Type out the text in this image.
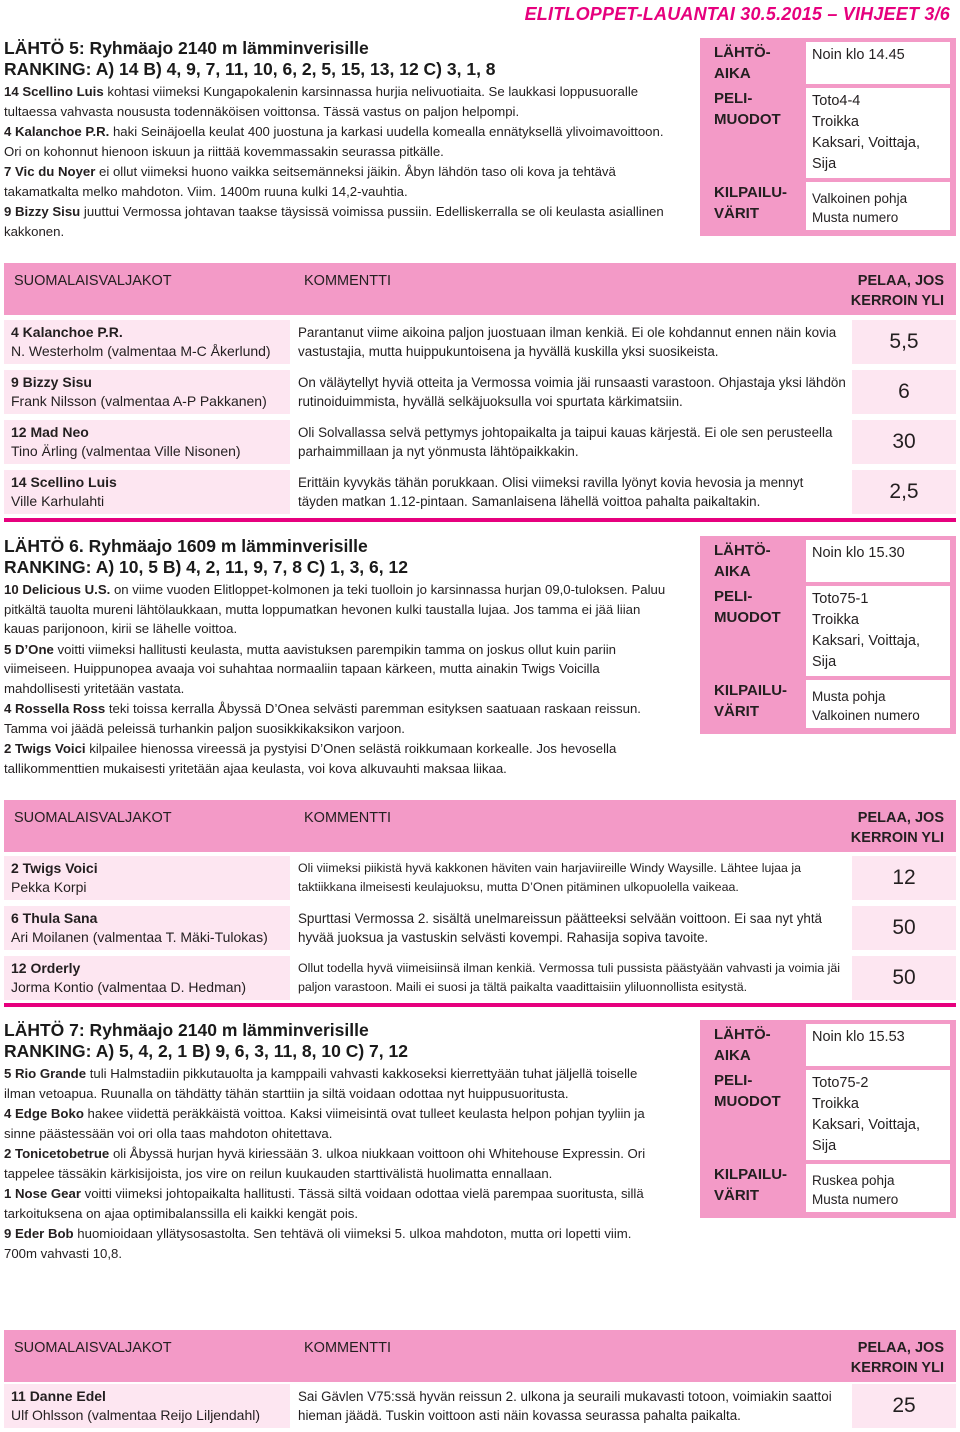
ELITLOPPET-LAUANTAI 30.5.2015 – VIHJEET 3/6
LÄHTÖ 5: Ryhmäajo 2140 m lämminverisille
RANKING: A) 14 B) 4, 9, 7, 11, 10, 6, 2, 5, 15, 13, 12 C) 3, 1, 8

14 Scellino Luis kohtasi viimeksi Kungapokalenin karsinnassa hurjia nelivuotiaita. Se laukkasi loppusuoralle tultaessa vahvasta noususta todennäköisen voittonsa. Tässä vastus on paljon helpompi.

4 Kalanchoe P.R. haki Seinäjoella keulat 400 juostuna ja karkasi uudella komealla ennätyksellä ylivoimavoittoon. Ori on kohonnut hienoon iskuun ja riittää kovemmassakin seurassa pitkälle.

7 Vic du Noyer ei ollut viimeksi huono vaikka seitsemänneksi jäikin. Åbyn lähdön taso oli kova ja tehtävä takamatkalta melko mahdoton. Viim. 1400m ruuna kulki 14,2-vauhtia.

9 Bizzy Sisu juuttui Vermossa johtavan taakse täysissä voimissa pussiin. Edelliskerralla se oli keulasta asiallinen kakkonen.

LÄHTÖ-
AIKA
Noin klo 14.45
PELI-
MUODOT
Toto4-4
Troikka
Kaksari, Voittaja,
Sija
KILPAILU-
VÄRIT
Valkoinen pohja
Musta numero
SUOMALAISVALJAKOT	KOMMENTTI	PELAA, JOS
KERROIN YLI
4 Kalanchoe P.R.
N. Westerholm (valmentaa M-C Åkerlund)
Parantanut viime aikoina paljon juostuaan ilman kenkiä. Ei ole kohdannut ennen näin kovia vastustajia, mutta huippukuntoisena ja hyvällä kuskilla yksi suosikeista.	5,5
9 Bizzy Sisu
Frank Nilsson (valmentaa A-P Pakkanen)
On väläytellyt hyviä otteita ja Vermossa voimia jäi runsaasti varastoon. Ohjastaja yksi lähdön rutinoiduimmista, hyvällä selkäjuoksulla voi spurtata kärkimatsiin.	6
12 Mad Neo
Tino Ärling (valmentaa Ville Nisonen)
Oli Solvallassa selvä pettymys johtopaikalta ja taipui kauas kärjestä. Ei ole sen perusteella parhaimmillaan ja nyt yönmusta lähtöpaikkakin.	30
14 Scellino Luis
Ville Karhulahti
Erittäin kyvykäs tähän porukkaan. Olisi viimeksi ravilla lyönyt kovia hevosia ja mennyt täyden matkan 1.12-pintaan. Samanlaisena lähellä voittoa pahalta paikaltakin.	2,5
LÄHTÖ 6. Ryhmäajo 1609 m lämminverisille
RANKING: A) 10, 5 B) 4, 2, 11, 9, 7, 8 C) 1, 3, 6, 12

10 Delicious U.S. on viime vuoden Elitloppet-kolmonen ja teki tuolloin jo karsinnassa hurjan 09,0-tuloksen. Paluu pitkältä tauolta mureni lähtölaukkaan, mutta loppumatkan hevonen kulki taustalla lujaa. Jos tamma ei jää liian kauas parijonoon, kirii se lähelle voittoa.

5 D’One voitti viimeksi hallitusti keulasta, mutta aavistuksen parempikin tamma on joskus ollut kuin pariin viimeiseen. Huippunopea avaaja voi suhahtaa normaaliin tapaan kärkeen, mutta ainakin Twigs Voicilla mahdollisesti yritetään vastata.

4 Rossella Ross teki toissa kerralla Åbyssä D’Onea selvästi paremman esityksen saatuaan raskaan reissun. Tamma voi jäädä peleissä turhankin paljon suosikkikaksikon varjoon.

2 Twigs Voici kilpailee hienossa vireessä ja pystyisi D’Onen selästä roikkumaan korkealle. Jos hevosella tallikommenttien mukaisesti yritetään ajaa keulasta, voi kova alkuvauhti maksaa liikaa.

LÄHTÖ-
AIKA
Noin klo 15.30
PELI-
MUODOT
Toto75-1
Troikka
Kaksari, Voittaja,
Sija
KILPAILU-
VÄRIT
Musta pohja
Valkoinen numero
SUOMALAISVALJAKOT	KOMMENTTI	PELAA, JOS
KERROIN YLI
2 Twigs Voici
Pekka Korpi
Oli viimeksi piikistä hyvä kakkonen häviten vain harjaviireille Windy Waysille. Lähtee lujaa ja taktiikkana ilmeisesti keulajuoksu, mutta D’Onen pitäminen ulkopuolella vaikeaa.	12
6 Thula Sana
Ari Moilanen (valmentaa T. Mäki-Tulokas)
Spurttasi Vermossa 2. sisältä unelmareissun päätteeksi selvään voittoon. Ei saa nyt yhtä hyvää juoksua ja vastuskin selvästi kovempi. Rahasija sopiva tavoite.	50
12 Orderly
Jorma Kontio (valmentaa D. Hedman)
Ollut todella hyvä viimeisiinsä ilman kenkiä. Vermossa tuli pussista päästyään vahvasti ja voimia jäi paljon varastoon. Maili ei suosi ja tältä paikalta vaadittaisiin yliluonnollista esitystä.	50
LÄHTÖ 7: Ryhmäajo 2140 m lämminverisille
RANKING: A) 5, 4, 2, 1 B) 9, 6, 3, 11, 8, 10 C) 7, 12

5 Rio Grande tuli Halmstadiin pikkutauolta ja kamppaili vahvasti kakkoseksi kierrettyään tuhat jäljellä toiselle ilman vetoapua. Ruunalla on tähdätty tähän starttiin ja siltä voidaan odottaa nyt huippusuoritusta.

4 Edge Boko hakee viidettä peräkkäistä voittoa. Kaksi viimeisintä ovat tulleet keulasta helpon pohjan tyyliin ja sinne päästessään voi ori olla taas mahdoton ohitettava.

2 Tonicetobetrue oli Åbyssä hurjan hyvä kiriessään 3. ulkoa niukkaan voittoon ohi Whitehouse Expressin. Ori tappelee tässäkin kärkisijoista, jos vire on reilun kuukauden starttivälistä huolimatta ennallaan.

1 Nose Gear voitti viimeksi johtopaikalta hallitusti. Tässä siltä voidaan odottaa vielä parempaa suoritusta, sillä tarkoituksena on ajaa optimibalanssilla eli kaikki kengät pois.

9 Eder Bob huomioidaan yllätysosastolta. Sen tehtävä oli viimeksi 5. ulkoa mahdoton, mutta ori lopetti viim. 700m vahvasti 10,8.

LÄHTÖ-
AIKA
Noin klo 15.53
PELI-
MUODOT
Toto75-2
Troikka
Kaksari, Voittaja,
Sija
KILPAILU-
VÄRIT
Ruskea pohja
Musta numero
SUOMALAISVALJAKOT	KOMMENTTI	PELAA, JOS
KERROIN YLI
11 Danne Edel
Ulf Ohlsson (valmentaa Reijo Liljendahl)
Sai Gävlen V75:ssä hyvän reissun 2. ulkona ja seuraili mukavasti totoon, voimiakin saattoi hieman jäädä. Tuskin voittoon asti näin kovassa seurassa pahalta paikalta.	25
